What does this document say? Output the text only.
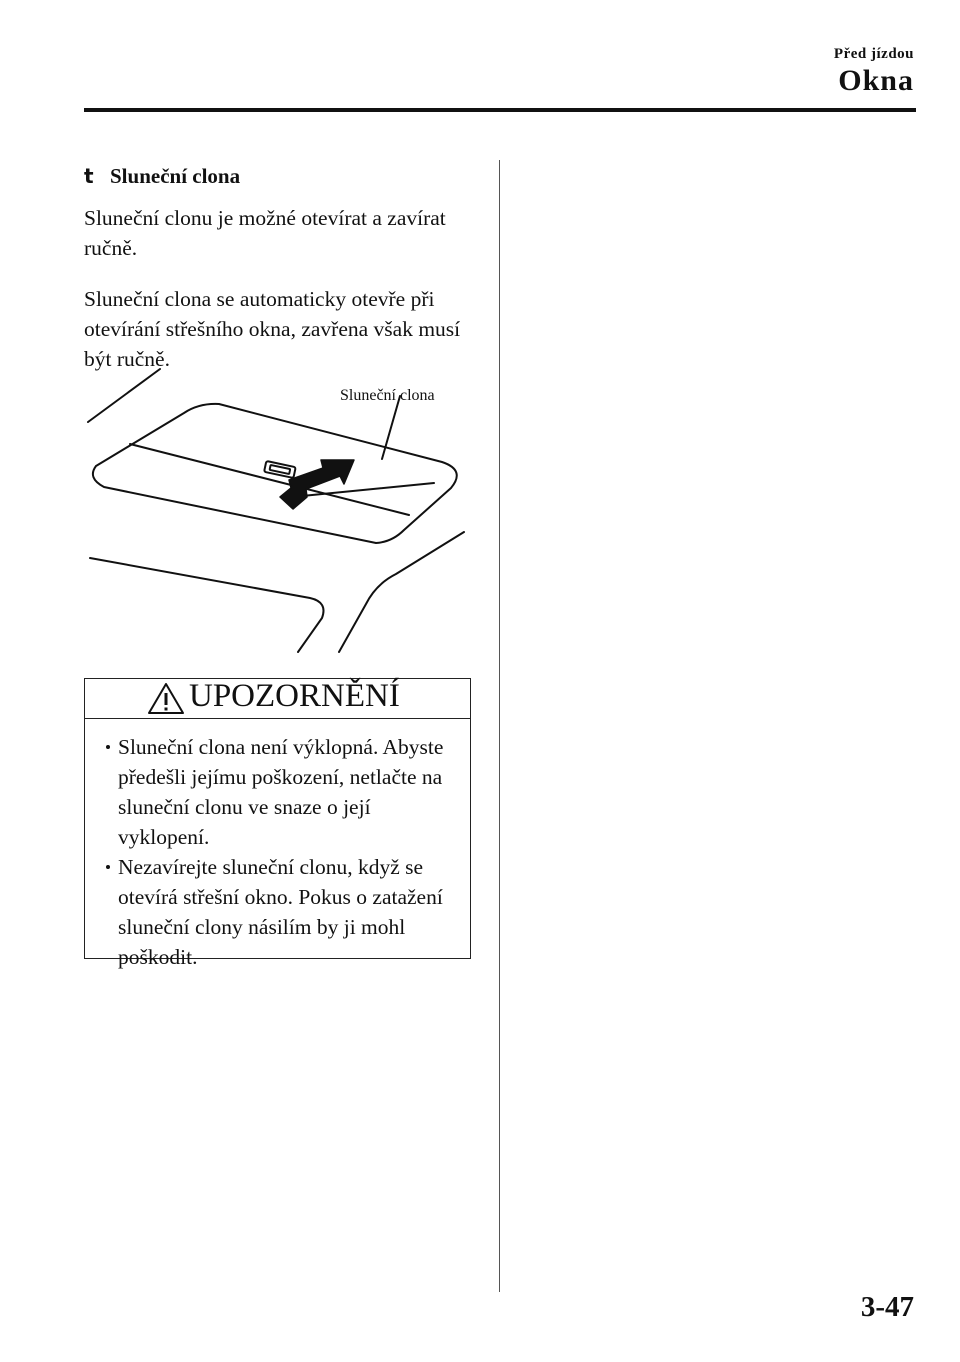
Před jízdou
Okna
t Sluneční clona
Sluneční clonu je možné otevírat a zavírat ručně.
Sluneční clona se automaticky otevře při otevírání střešního okna, zavřena však musí být ručně.
Sluneční clona
UPOZORNĚNÍ
Sluneční clona není výklopná. Abyste předešli jejímu poškození, netlačte na sluneční clonu ve snaze o její vyklopení.
Nezavírejte sluneční clonu, když se otevírá střešní okno. Pokus o zatažení sluneční clony násilím by ji mohl poškodit.
3-47
